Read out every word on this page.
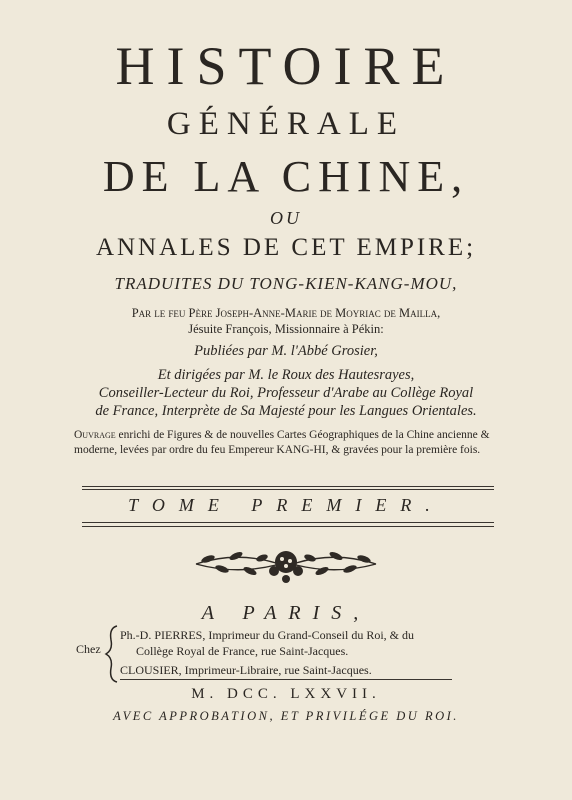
HISTOIRE
GÉNÉRALE
DE LA CHINE,
OU
ANNALES DE CET EMPIRE;
TRADUITES DU TONG-KIEN-KANG-MOU,
Par le feu Père Joseph-Anne-Marie de Moyriac de Mailla,
Jésuite François, Missionnaire à Pékin:
Publiées par M. l'Abbé Grosier,
Et dirigées par M. le Roux des Hautesrayes,
Conseiller-Lecteur du Roi, Professeur d'Arabe au Collège Royal
de France, Interprète de Sa Majesté pour les Langues Orientales.
Ouvrage enrichi de Figures & de nouvelles Cartes Géographiques de la Chine ancienne & moderne, levées par ordre du feu Empereur KANG-HI, & gravées pour la première fois.
TOME PREMIER.
A PARIS,
Chez
Ph.-D. PIERRES, Imprimeur du Grand-Conseil du Roi, & du
Collège Royal de France, rue Saint-Jacques.
CLOUSIER, Imprimeur-Libraire, rue Saint-Jacques.
M. DCC. LXXVII.
AVEC APPROBATION, ET PRIVILÉGE DU ROI.
